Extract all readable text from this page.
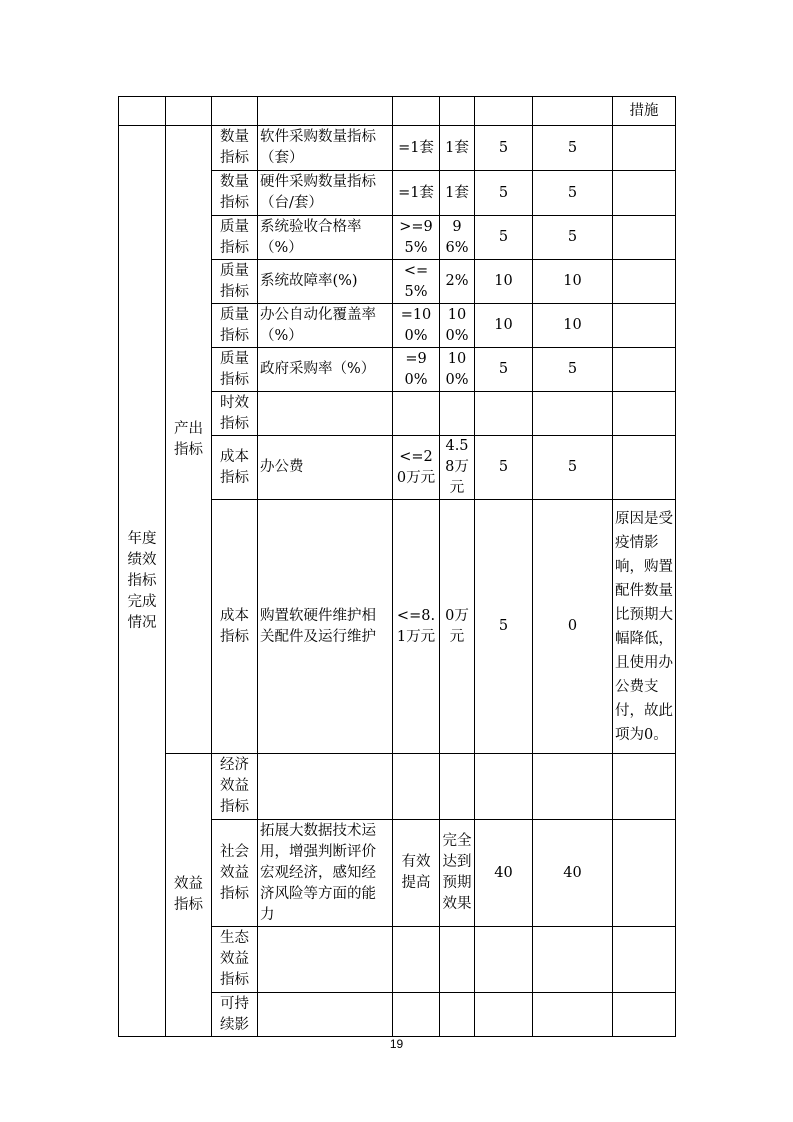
								措施
年度绩效指标完成情况	产出指标	数量指标	软件采购数量指标（套）	=1套	1套	5	5	
		数量指标	硬件采购数量指标（台/套）	=1套	1套	5	5	
		质量指标	系统验收合格率（%）	>=95%	96%	5	5	
		质量指标	系统故障率(%)	<=5%	2%	10	10	
		质量指标	办公自动化覆盖率（%）	=100%	100%	10	10	
		质量指标	政府采购率（%）	=90%	100%	5	5	
		时效指标						
		成本指标	办公费	<=20万元	4.58万元	5	5	
		成本指标	购置软硬件维护相关配件及运行维护	<=8.1万元	0万元	5	0	原因是受疫情影响，购置配件数量比预期大幅降低，且使用办公费支付，故此项为0。
	效益指标	经济效益指标						
		社会效益指标	拓展大数据技术运用，增强判断评价宏观经济，感知经济风险等方面的能力	有效提高	完全达到预期效果	40	40	
		生态效益指标						
		可持续影						
19
